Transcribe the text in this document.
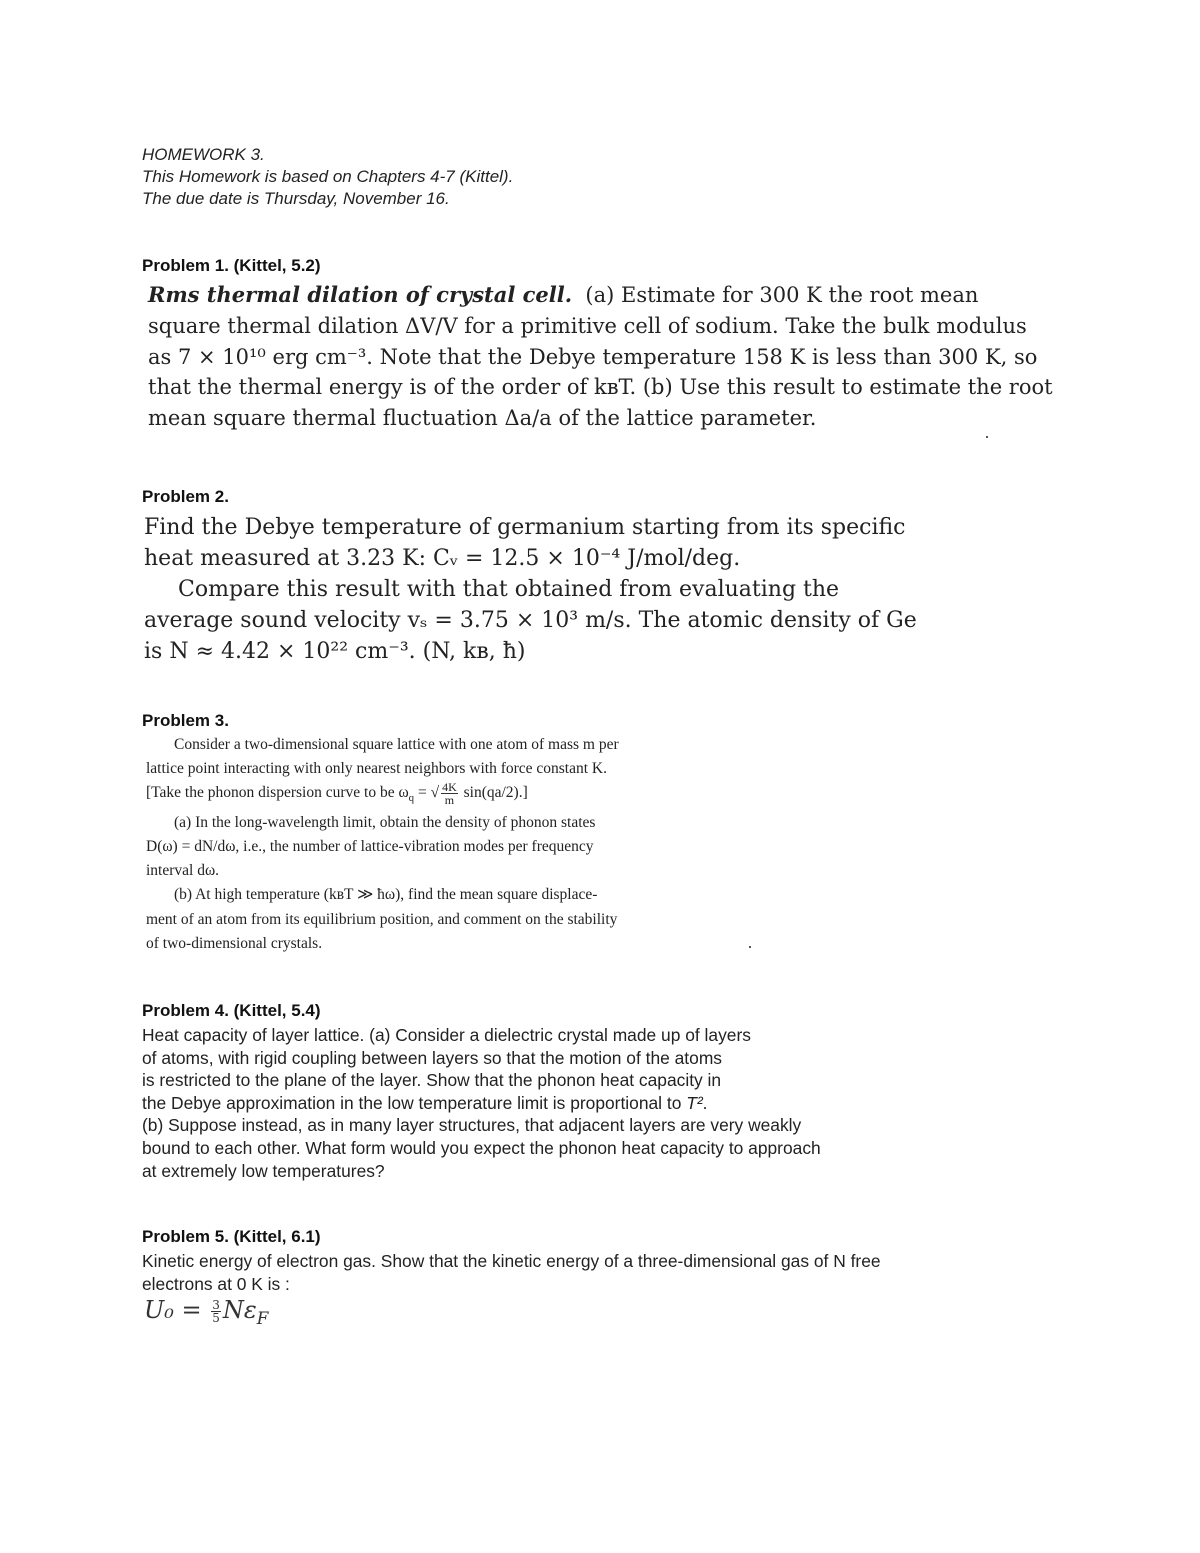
HOMEWORK 3.
This Homework is based on Chapters 4-7 (Kittel).
The due date is Thursday, November 16.
Problem 1. (Kittel, 5.2)
Rms thermal dilation of crystal cell. (a) Estimate for 300 K the root mean
square thermal dilation ΔV/V for a primitive cell of sodium. Take the bulk modulus
as 7 × 10¹⁰ erg cm⁻³. Note that the Debye temperature 158 K is less than 300 K, so
that the thermal energy is of the order of kʙT. (b) Use this result to estimate the root
mean square thermal fluctuation Δa/a of the lattice parameter.
Problem 2.
Find the Debye temperature of germanium starting from its specific
heat measured at 3.23 K: Cᵥ = 12.5 × 10⁻⁴ J/mol/deg.
Compare this result with that obtained from evaluating the
average sound velocity vₛ = 3.75 × 10³ m/s. The atomic density of Ge
is N ≈ 4.42 × 10²² cm⁻³. (N, kʙ, ħ)
Problem 3.
Consider a two-dimensional square lattice with one atom of mass m per
lattice point interacting with only nearest neighbors with force constant K.
[Take the phonon dispersion curve to be $\omega_q$ = √ $\frac{4K}{m} \sin(qa/2)$.]
(a) In the long-wavelength limit, obtain the density of phonon states
D(ω) = dN/dω, i.e., the number of lattice-vibration modes per frequency
interval dω.
(b) At high temperature (kʙT ≫ ħω), find the mean square displace-
ment of an atom from its equilibrium position, and comment on the stability
of two-dimensional crystals.
Problem 4. (Kittel, 5.4)
Heat capacity of layer lattice. (a) Consider a dielectric crystal made up of layers
of atoms, with rigid coupling between layers so that the motion of the atoms
is restricted to the plane of the layer. Show that the phonon heat capacity in
the Debye approximation in the low temperature limit is proportional to T².
(b) Suppose instead, as in many layer structures, that adjacent layers are very weakly
bound to each other. What form would you expect the phonon heat capacity to approach
at extremely low temperatures?
Problem 5. (Kittel, 6.1)
Kinetic energy of electron gas. Show that the kinetic energy of a three-dimensional gas of N free
electrons at 0 K is :
$U_0 = \frac{3}{5} N\varepsilon_F$
